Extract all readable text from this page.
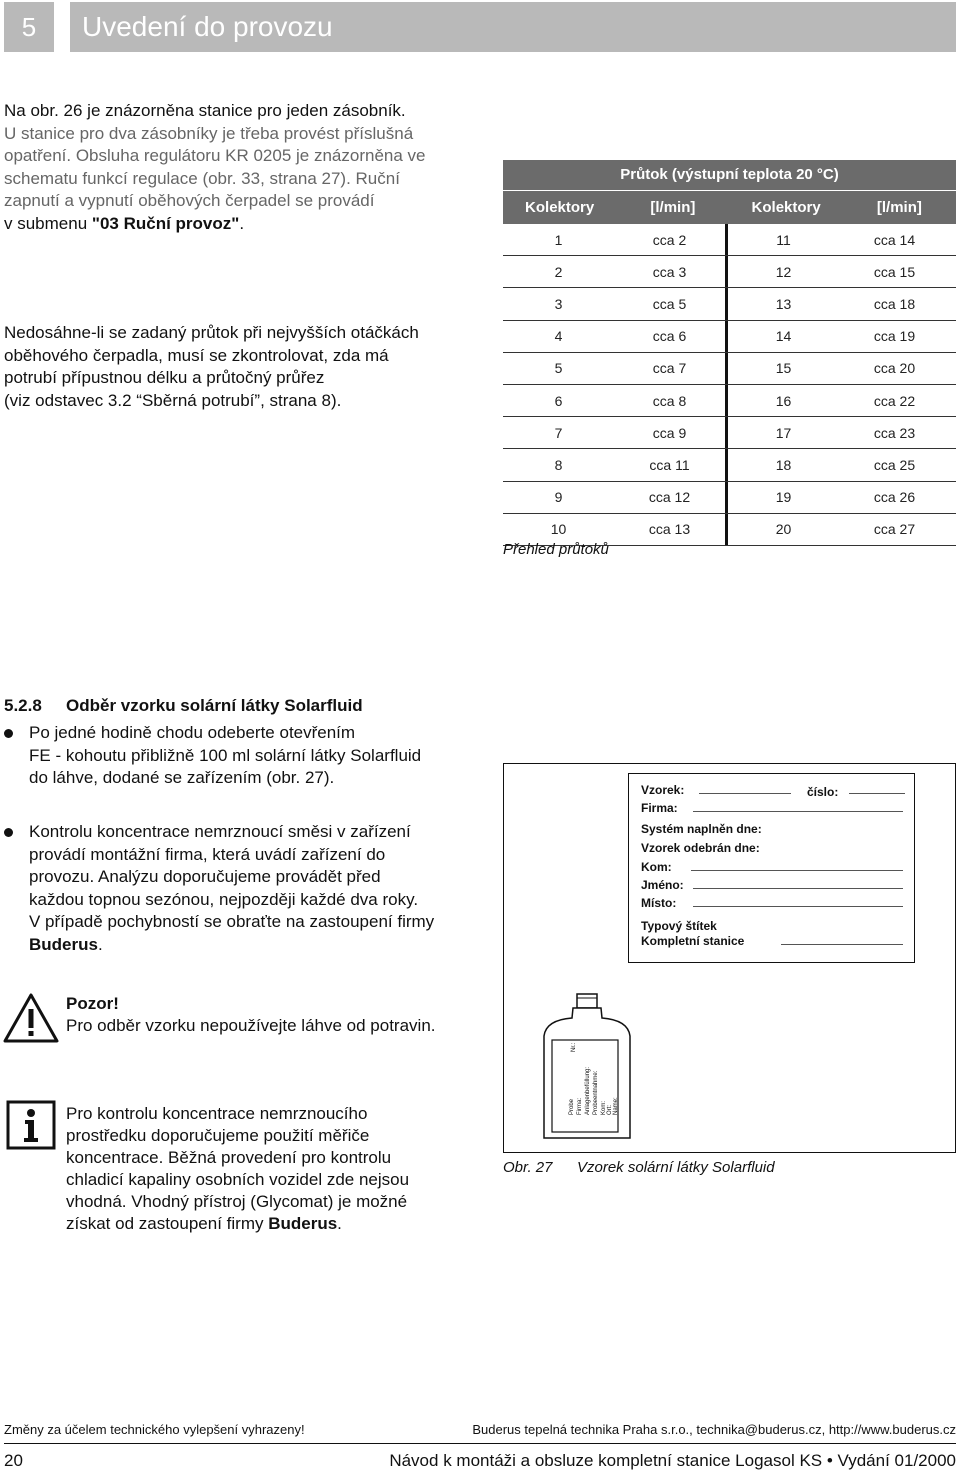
5	Uvedení do provozu
Na obr. 26 je znázorněna stanice pro jeden zásobník.
U stanice pro dva zásobníky je třeba provést příslušná
opatření. Obsluha regulátoru KR 0205 je znázorněna ve
schematu funkcí regulace (obr. 33, strana 27). Ruční
zapnutí a vypnutí oběhových čerpadel se provádí
v submenu "03 Ruční provoz".
Nedosáhne-li se zadaný průtok při nejvyšších otáčkách
oběhového čerpadla, musí se zkontrolovat, zda má
potrubí přípustnou délku a průtočný průřez
(viz odstavec 3.2 “Sběrná potrubí”, strana 8).
Průtok (výstupní teplota 20 °C)
Kolektory	[l/min]	Kolektory	[l/min]
1	cca 2	11	cca 14
2	cca 3	12	cca 15
3	cca 5	13	cca 18
4	cca 6	14	cca 19
5	cca 7	15	cca 20
6	cca 8	16	cca 22
7	cca 9	17	cca 23
8	cca 11	18	cca 25
9	cca 12	19	cca 26
10	cca 13	20	cca 27
Přehled průtoků
5.2.8 Odběr vzorku solární látky Solarfluid
Po jedné hodině chodu odeberte otevřením
FE - kohoutu přibližně 100 ml solární látky Solarfluid
do láhve, dodané se zařízením (obr. 27).
Kontrolu koncentrace nemrznoucí směsi v zařízení
provádí montážní firma, která uvádí zařízení do
provozu. Analýzu doporučujeme provádět před
každou topnou sezónou, nejpozději každé dva roky.
V případě pochybností se obraťte na zastoupení firmy
Buderus.
Pozor!
Pro odběr vzorku nepoužívejte láhve od potravin.
Pro kontrolu koncentrace nemrznoucího prostředku doporučujeme použití měřiče koncentrace. Běžná provedení pro kontrolu chladicí kapaliny osobních vozidel zde nejsou vhodná. Vhodný přístroj (Glycomat) je možné získat od zastoupení firmy Buderus.
Vzorek:	číslo:
Firma:
Systém naplněn dne:
Vzorek odebrán dne:
Kom:
Jméno:
Místo:
Typový štítek
Kompletní stanice
Nr.:
Probe Firma: Anlagenbefüllung: Probeentnahme: Kom: Ort: Name:
Obr. 27 Vzorek solární látky Solarfluid
Změny za účelem technického vylepšení vyhrazeny!	Buderus tepelná technika Praha s.r.o., technika@buderus.cz, http://www.buderus.cz
20	Návod k montáži a obsluze kompletní stanice Logasol KS • Vydání 01/2000
